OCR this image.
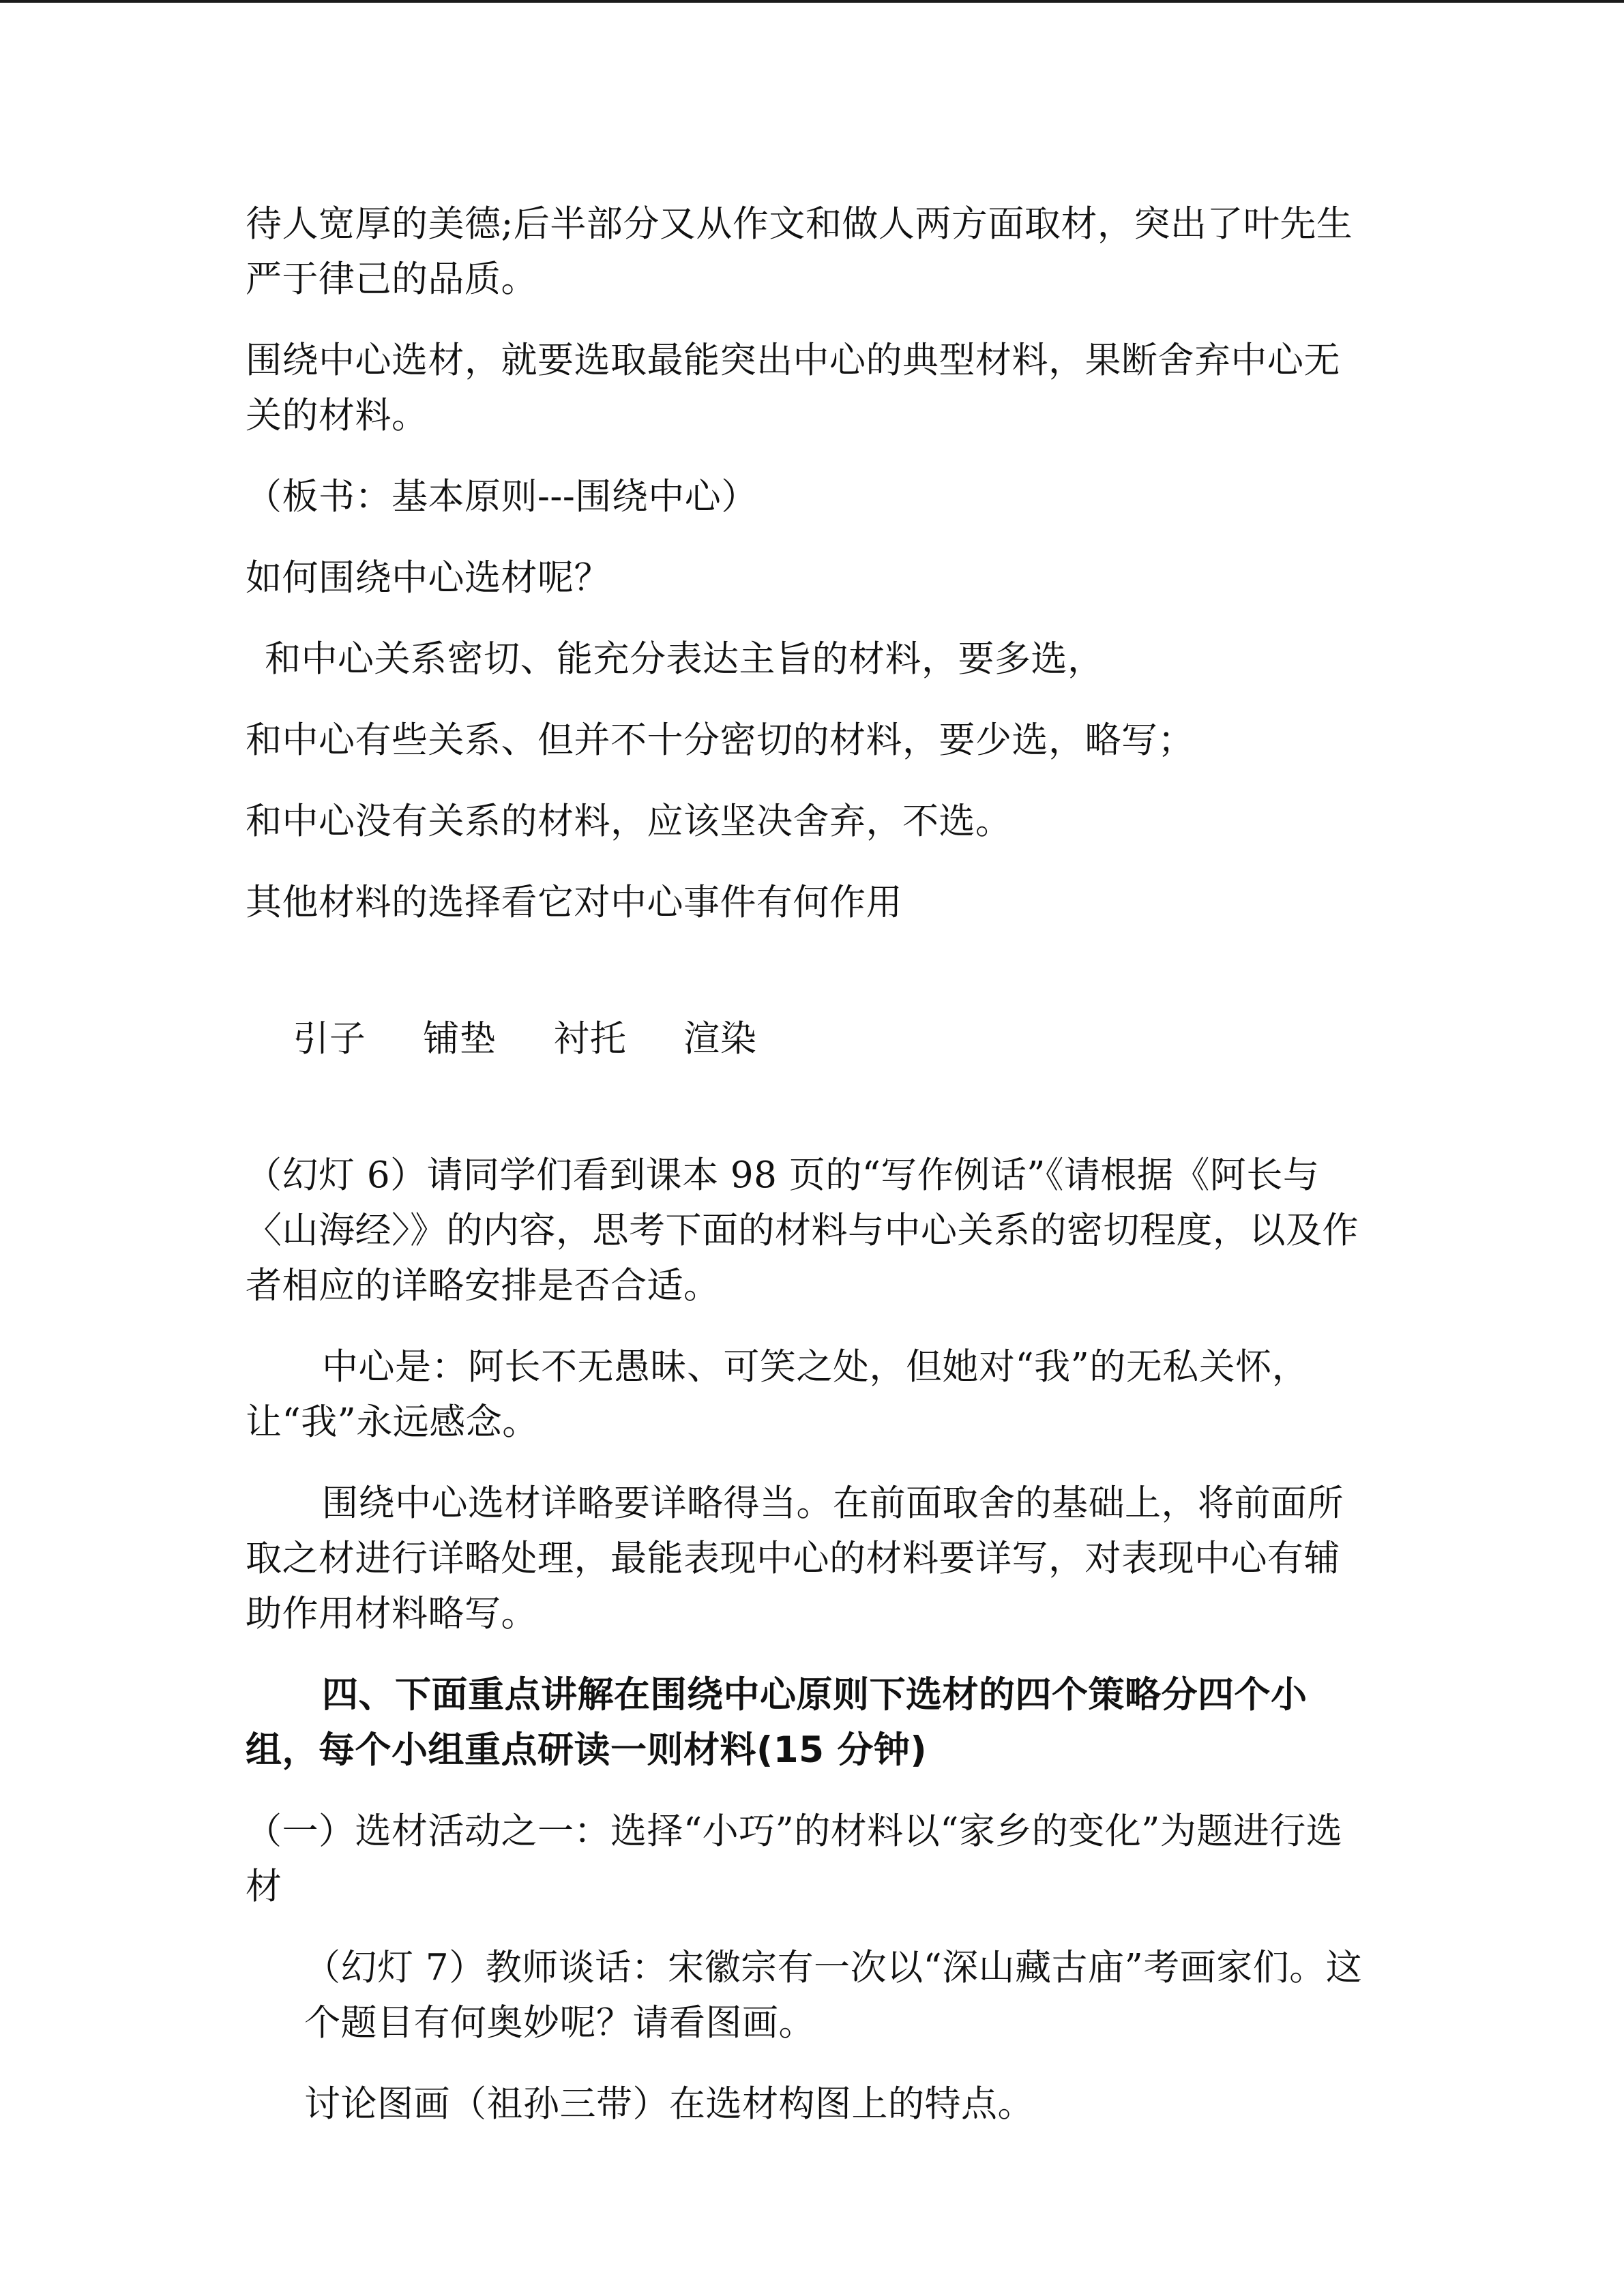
待人宽厚的美德;后半部分又从作文和做人两方面取材，突出了叶先生严于律己的品质。

围绕中心选材，就要选取最能突出中心的典型材料，果断舍弃中心无关的材料。

（板书：基本原则---围绕中心）

如何围绕中心选材呢？

和中心关系密切、能充分表达主旨的材料，要多选，

和中心有些关系、但并不十分密切的材料，要少选，略写；

和中心没有关系的材料，应该坚决舍弃，不选。

其他材料的选择看它对中心事件有何作用

引子 铺垫 衬托 渲染

（幻灯 6）请同学们看到课本 98 页的“写作例话”《请根据《阿长与〈山海经〉》的内容，思考下面的材料与中心关系的密切程度，以及作者相应的详略安排是否合适。

中心是：阿长不无愚昧、可笑之处，但她对“我”的无私关怀，让“我”永远感念。

围绕中心选材详略要详略得当。在前面取舍的基础上，将前面所取之材进行详略处理，最能表现中心的材料要详写，对表现中心有辅助作用材料略写。

四、下面重点讲解在围绕中心原则下选材的四个策略分四个小组，每个小组重点研读一则材料(15 分钟)

（一）选材活动之一：选择“小巧”的材料以“家乡的变化”为题进行选材

（幻灯 7）教师谈话：宋徽宗有一次以“深山藏古庙”考画家们。这个题目有何奥妙呢？请看图画。

讨论图画（祖孙三带）在选材构图上的特点。
